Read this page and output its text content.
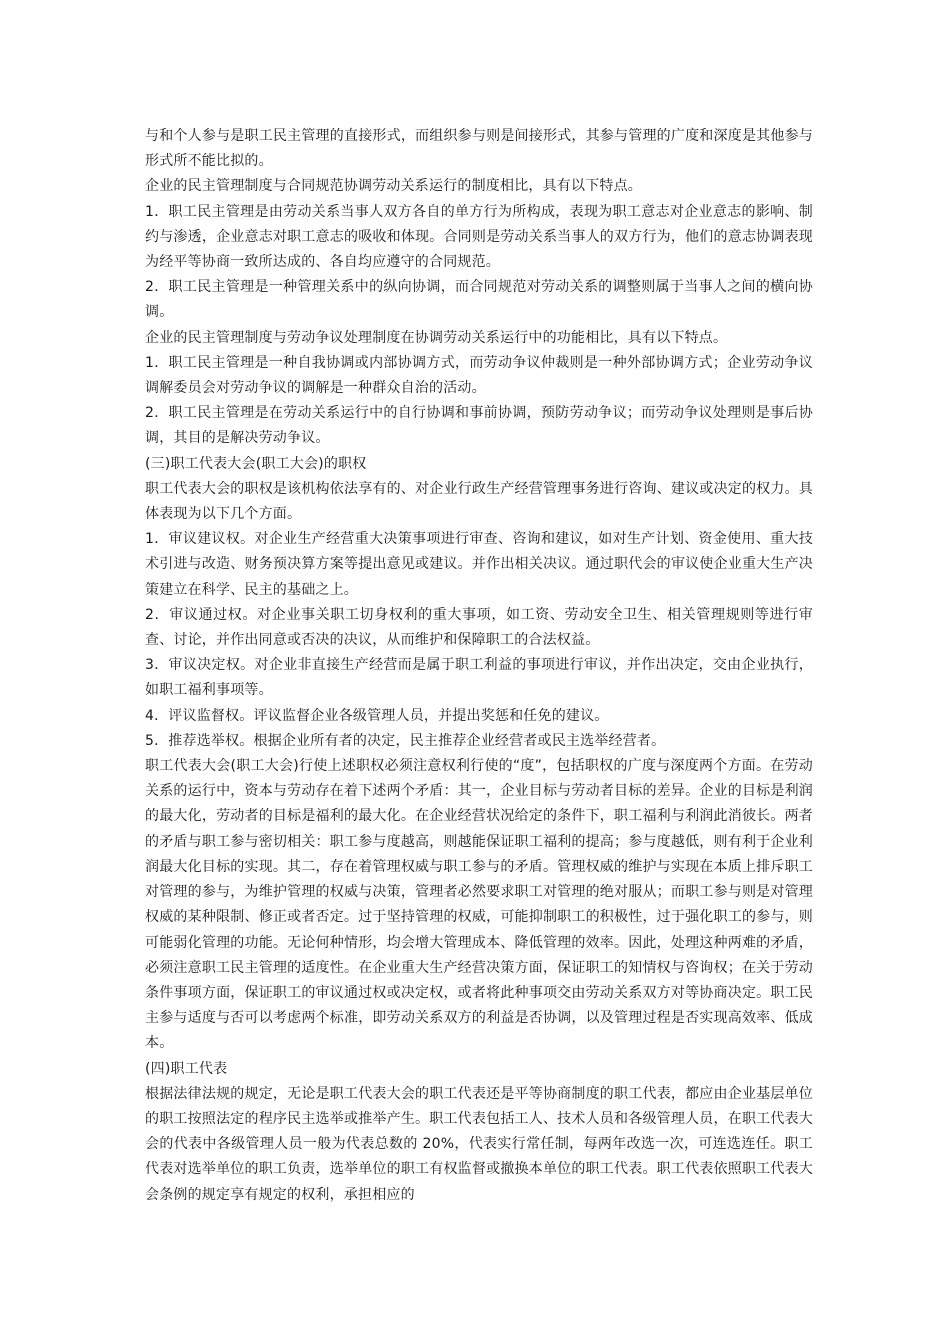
与和个人参与是职工民主管理的直接形式，而组织参与则是间接形式，其参与管理的广度和深度是其他参与形式所不能比拟的。

企业的民主管理制度与合同规范协调劳动关系运行的制度相比，具有以下特点。

1．职工民主管理是由劳动关系当事人双方各自的单方行为所构成，表现为职工意志对企业意志的影响、制约与渗透，企业意志对职工意志的吸收和体现。合同则是劳动关系当事人的双方行为，他们的意志协调表现为经平等协商一致所达成的、各自均应遵守的合同规范。

2．职工民主管理是一种管理关系中的纵向协调，而合同规范对劳动关系的调整则属于当事人之间的横向协调。

企业的民主管理制度与劳动争议处理制度在协调劳动关系运行中的功能相比，具有以下特点。

1．职工民主管理是一种自我协调或内部协调方式，而劳动争议仲裁则是一种外部协调方式；企业劳动争议调解委员会对劳动争议的调解是一种群众自治的活动。

2．职工民主管理是在劳动关系运行中的自行协调和事前协调，预防劳动争议；而劳动争议处理则是事后协调，其目的是解决劳动争议。

(三)职工代表大会(职工大会)的职权

职工代表大会的职权是该机构依法享有的、对企业行政生产经营管理事务进行咨询、建议或决定的权力。具体表现为以下几个方面。

1．审议建议权。对企业生产经营重大决策事项进行审查、咨询和建议，如对生产计划、资金使用、重大技术引进与改造、财务预决算方案等提出意见或建议。并作出相关决议。通过职代会的审议使企业重大生产决策建立在科学、民主的基础之上。

2．审议通过权。对企业事关职工切身权利的重大事项，如工资、劳动安全卫生、相关管理规则等进行审查、讨论，并作出同意或否决的决议，从而维护和保障职工的合法权益。

3．审议决定权。对企业非直接生产经营而是属于职工利益的事项进行审议，并作出决定，交由企业执行，如职工福利事项等。

4．评议监督权。评议监督企业各级管理人员，并提出奖惩和任免的建议。

5．推荐选举权。根据企业所有者的决定，民主推荐企业经营者或民主选举经营者。

职工代表大会(职工大会)行使上述职权必须注意权利行使的“度”，包括职权的广度与深度两个方面。在劳动关系的运行中，资本与劳动存在着下述两个矛盾：其一，企业目标与劳动者目标的差异。企业的目标是利润的最大化，劳动者的目标是福利的最大化。在企业经营状况给定的条件下，职工福利与利润此消彼长。两者的矛盾与职工参与密切相关：职工参与度越高，则越能保证职工福利的提高；参与度越低，则有利于企业利润最大化目标的实现。其二，存在着管理权威与职工参与的矛盾。管理权威的维护与实现在本质上排斥职工对管理的参与，为维护管理的权威与决策，管理者必然要求职工对管理的绝对服从；而职工参与则是对管理权威的某种限制、修正或者否定。过于坚持管理的权威，可能抑制职工的积极性，过于强化职工的参与，则可能弱化管理的功能。无论何种情形，均会增大管理成本、降低管理的效率。因此，处理这种两难的矛盾，必须注意职工民主管理的适度性。在企业重大生产经营决策方面，保证职工的知情权与咨询权；在关于劳动条件事项方面，保证职工的审议通过权或决定权，或者将此种事项交由劳动关系双方对等协商决定。职工民主参与适度与否可以考虑两个标准，即劳动关系双方的利益是否协调，以及管理过程是否实现高效率、低成本。

(四)职工代表

根据法律法规的规定，无论是职工代表大会的职工代表还是平等协商制度的职工代表，都应由企业基层单位的职工按照法定的程序民主选举或推举产生。职工代表包括工人、技术人员和各级管理人员，在职工代表大会的代表中各级管理人员一般为代表总数的 20%，代表实行常任制，每两年改选一次，可连选连任。职工代表对选举单位的职工负责，选举单位的职工有权监督或撤换本单位的职工代表。职工代表依照职工代表大会条例的规定享有规定的权利，承担相应的
